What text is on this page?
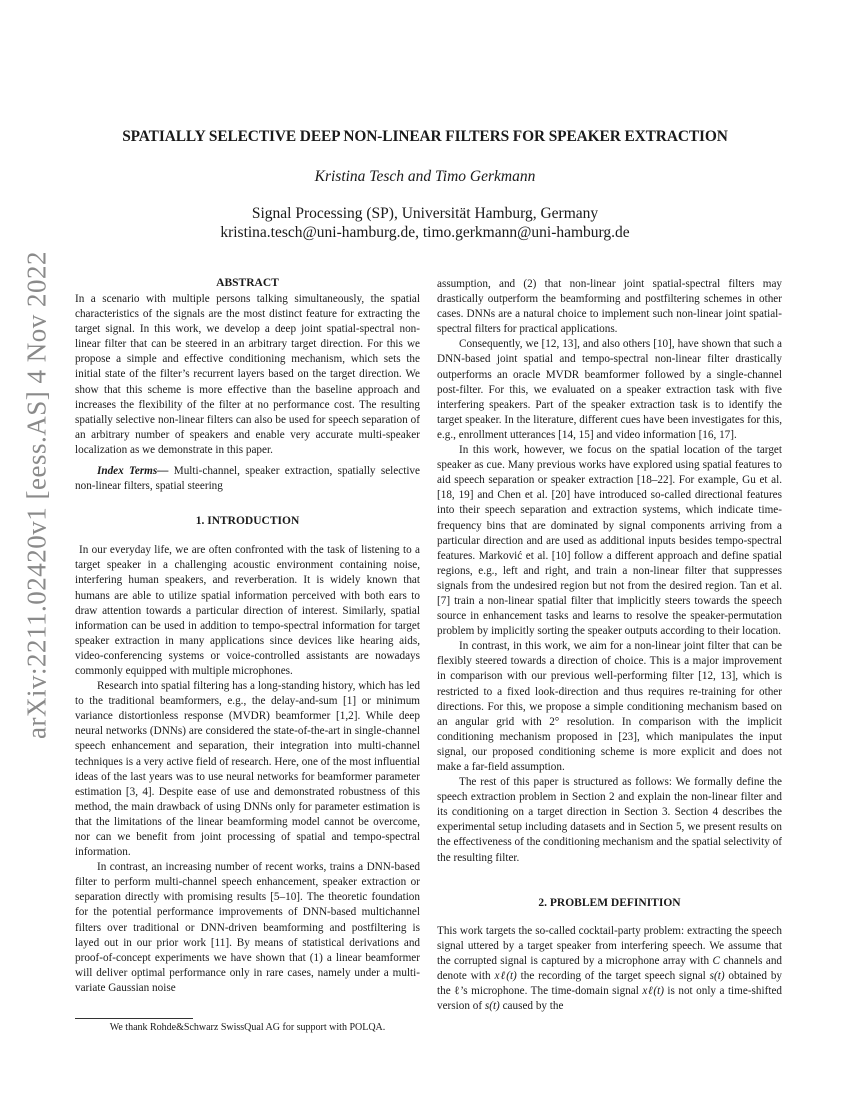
arXiv:2211.02420v1 [eess.AS] 4 Nov 2022
SPATIALLY SELECTIVE DEEP NON-LINEAR FILTERS FOR SPEAKER EXTRACTION
Kristina Tesch and Timo Gerkmann
Signal Processing (SP), Universität Hamburg, Germany
kristina.tesch@uni-hamburg.de, timo.gerkmann@uni-hamburg.de
ABSTRACT

In a scenario with multiple persons talking simultaneously, the spatial characteristics of the signals are the most distinct feature for extracting the target signal. In this work, we develop a deep joint spatial-spectral non-linear filter that can be steered in an arbitrary target direction. For this we propose a simple and effective conditioning mechanism, which sets the initial state of the filter’s recurrent layers based on the target direction. We show that this scheme is more effective than the baseline approach and increases the flexibility of the filter at no performance cost. The resulting spatially selective non-linear filters can also be used for speech separation of an arbitrary number of speakers and enable very accurate multi-speaker localization as we demonstrate in this paper.

Index Terms— Multi-channel, speaker extraction, spatially selective non-linear filters, spatial steering

1. INTRODUCTION

In our everyday life, we are often confronted with the task of listening to a target speaker in a challenging acoustic environment containing noise, interfering human speakers, and reverberation. It is widely known that humans are able to utilize spatial information perceived with both ears to draw attention towards a particular direction of interest. Similarly, spatial information can be used in addition to tempo-spectral information for target speaker extraction in many applications since devices like hearing aids, video-conferencing systems or voice-controlled assistants are nowadays commonly equipped with multiple microphones.

Research into spatial filtering has a long-standing history, which has led to the traditional beamformers, e.g., the delay-and-sum [1] or minimum variance distortionless response (MVDR) beamformer [1,2]. While deep neural networks (DNNs) are considered the state-of-the-art in single-channel speech enhancement and separation, their integration into multi-channel techniques is a very active field of research. Here, one of the most influential ideas of the last years was to use neural networks for beamformer parameter estimation [3, 4]. Despite ease of use and demonstrated robustness of this method, the main drawback of using DNNs only for parameter estimation is that the limitations of the linear beamforming model cannot be overcome, nor can we benefit from joint processing of spatial and tempo-spectral information.

In contrast, an increasing number of recent works, trains a DNN-based filter to perform multi-channel speech enhancement, speaker extraction or separation directly with promising results [5–10]. The theoretic foundation for the potential performance improvements of DNN-based multichannel filters over traditional or DNN-driven beamforming and postfiltering is layed out in our prior work [11]. By means of statistical derivations and proof-of-concept experiments we have shown that (1) a linear beamformer will deliver optimal performance only in rare cases, namely under a multi-variate Gaussian noise

We thank Rohde&Schwarz SwissQual AG for support with POLQA.

assumption, and (2) that non-linear joint spatial-spectral filters may drastically outperform the beamforming and postfiltering schemes in other cases. DNNs are a natural choice to implement such non-linear joint spatial-spectral filters for practical applications.

Consequently, we [12, 13], and also others [10], have shown that such a DNN-based joint spatial and tempo-spectral non-linear filter drastically outperforms an oracle MVDR beamformer followed by a single-channel post-filter. For this, we evaluated on a speaker extraction task with five interfering speakers. Part of the speaker extraction task is to identify the target speaker. In the literature, different cues have been investigates for this, e.g., enrollment utterances [14, 15] and video information [16, 17].

In this work, however, we focus on the spatial location of the target speaker as cue. Many previous works have explored using spatial features to aid speech separation or speaker extraction [18–22]. For example, Gu et al. [18, 19] and Chen et al. [20] have introduced so-called directional features into their speech separation and extraction systems, which indicate time-frequency bins that are dominated by signal components arriving from a particular direction and are used as additional inputs besides tempo-spectral features. Marković et al. [10] follow a different approach and define spatial regions, e.g., left and right, and train a non-linear filter that suppresses signals from the undesired region but not from the desired region. Tan et al. [7] train a non-linear spatial filter that implicitly steers towards the speech source in enhancement tasks and learns to resolve the speaker-permutation problem by implicitly sorting the speaker outputs according to their location.

In contrast, in this work, we aim for a non-linear joint filter that can be flexibly steered towards a direction of choice. This is a major improvement in comparison with our previous well-performing filter [12, 13], which is restricted to a fixed look-direction and thus requires re-training for other directions. For this, we propose a simple conditioning mechanism based on an angular grid with 2° resolution. In comparison with the implicit conditioning mechanism proposed in [23], which manipulates the input signal, our proposed conditioning scheme is more explicit and does not make a far-field assumption.

The rest of this paper is structured as follows: We formally define the speech extraction problem in Section 2 and explain the non-linear filter and its conditioning on a target direction in Section 3. Section 4 describes the experimental setup including datasets and in Section 5, we present results on the effectiveness of the conditioning mechanism and the spatial selectivity of the resulting filter.

2. PROBLEM DEFINITION

This work targets the so-called cocktail-party problem: extracting the speech signal uttered by a target speaker from interfering speech. We assume that the corrupted signal is captured by a microphone array with C channels and denote with xℓ(t) the recording of the target speech signal s(t) obtained by the ℓ’s microphone. The time-domain signal xℓ(t) is not only a time-shifted version of s(t) caused by the
